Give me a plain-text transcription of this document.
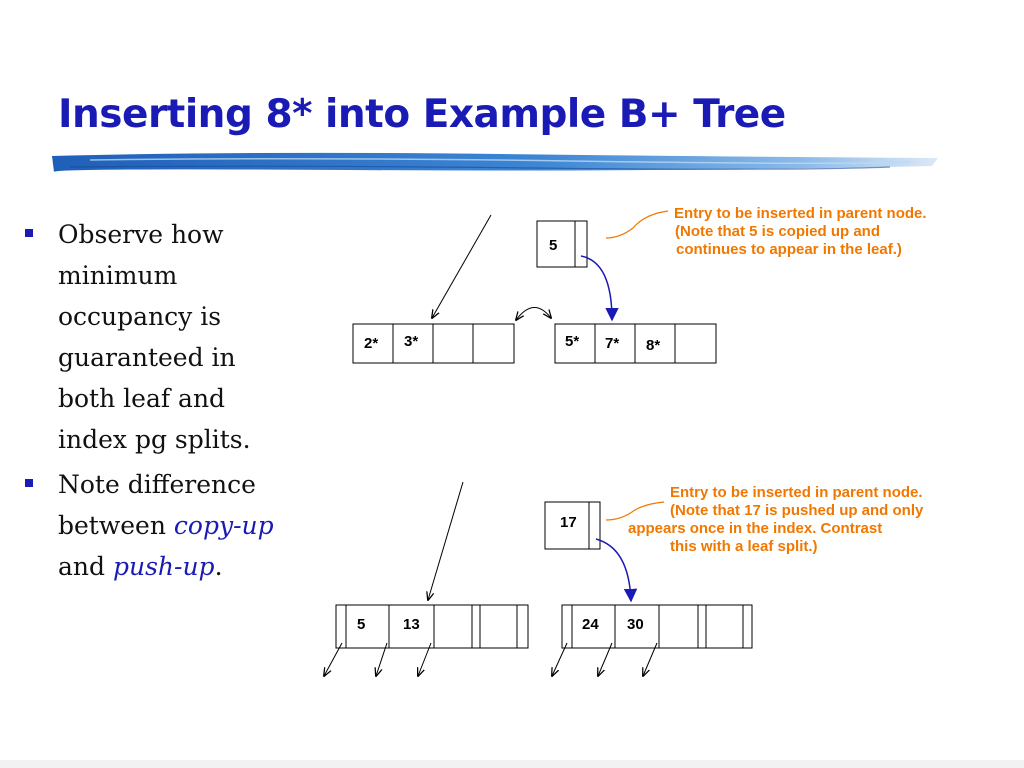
Inserting 8* into Example B+ Tree
Observe how minimum occupancy is guaranteed in both leaf and index pg splits.
Note difference between copy-up and push-up.
5
2* 3*	5* 7* 8*
17
5	13	24 30
Entry to be inserted in parent node.
(Note that 5 is copied up and
continues to appear in the leaf.)
Entry to be inserted in parent node.
(Note that 17 is pushed up and only
appears once in the index. Contrast
this with a leaf split.)
